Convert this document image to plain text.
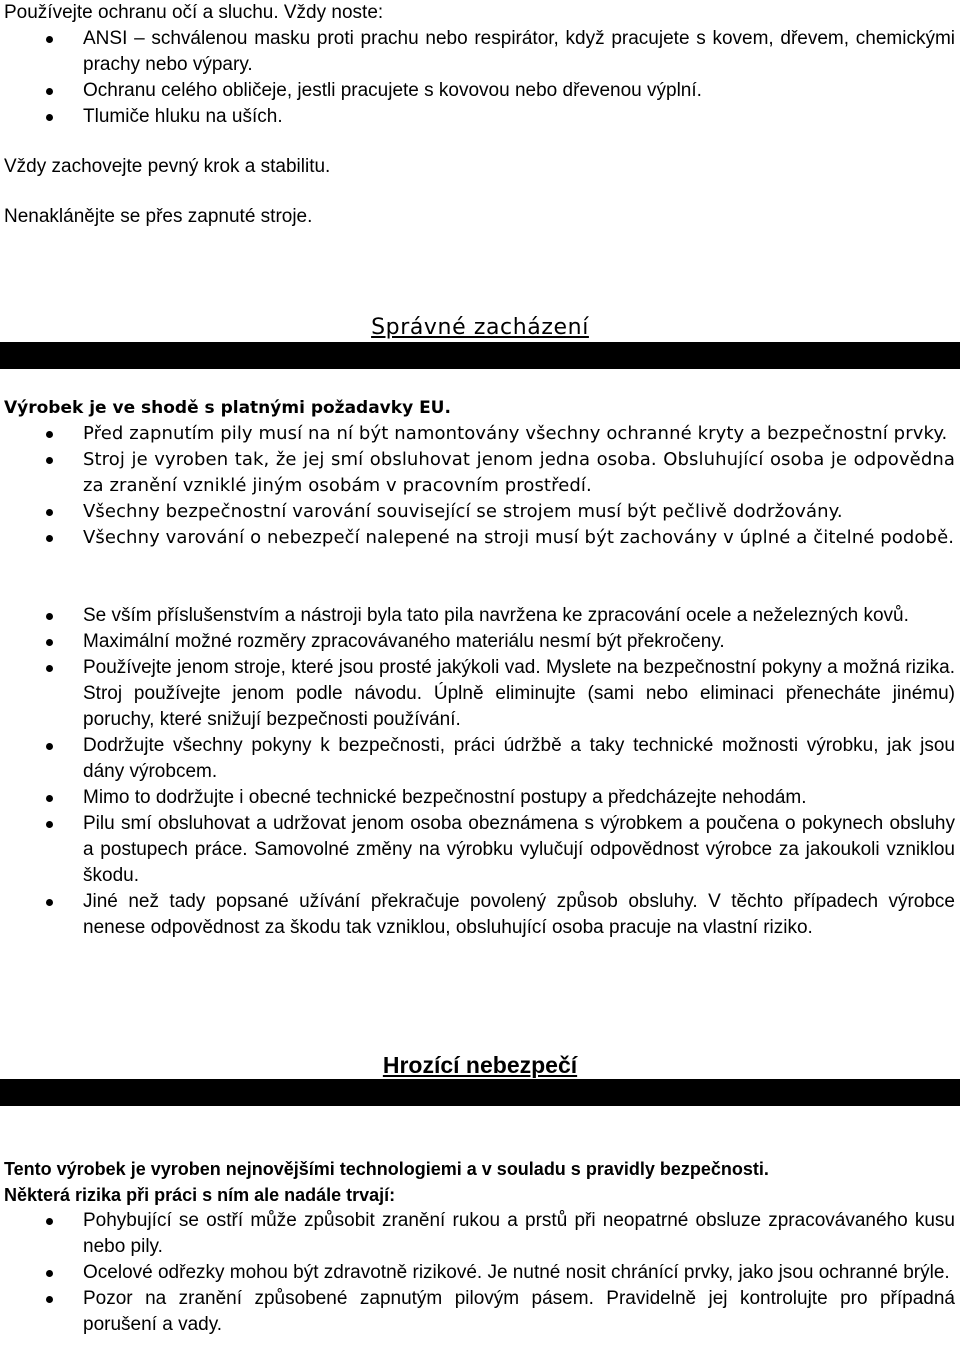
Používejte ochranu očí a sluchu. Vždy noste:

ANSI – schválenou masku proti prachu nebo respirátor, když pracujete s kovem, dřevem, chemickými prachy nebo výpary.
Ochranu celého obličeje, jestli pracujete s kovovou nebo dřevenou výplní.
Tlumiče hluku na uších.

Vždy zachovejte pevný krok a stabilitu.

Nenaklánějte se přes zapnuté stroje.

Správné zacházení

Výrobek je ve shodě s platnými požadavky EU.

Před zapnutím pily musí na ní být namontovány všechny ochranné kryty a bezpečnostní prvky.
Stroj je vyroben tak, že jej smí obsluhovat jenom jedna osoba. Obsluhující osoba je odpovědna za zranění vzniklé jiným osobám v pracovním prostředí.
Všechny bezpečnostní varování související se strojem musí být pečlivě dodržovány.
Všechny varování o nebezpečí nalepené na stroji musí být zachovány v úplné a čitelné podobě.
Se vším příslušenstvím a nástroji byla tato pila navržena ke zpracování ocele a neželezných kovů.
Maximální možné rozměry zpracovávaného materiálu nesmí být překročeny.
Používejte jenom stroje, které jsou prosté jakýkoli vad. Myslete na bezpečnostní pokyny a možná rizika. Stroj používejte jenom podle návodu. Úplně eliminujte (sami nebo eliminaci přenecháte jinému) poruchy, které snižují bezpečnosti používání.
Dodržujte všechny pokyny k bezpečnosti, práci údržbě a taky technické možnosti výrobku, jak jsou dány výrobcem.
Mimo to dodržujte i obecné technické bezpečnostní postupy a předcházejte nehodám.
Pilu smí obsluhovat a udržovat jenom osoba obeznámena s výrobkem a poučena o pokynech obsluhy a postupech práce. Samovolné změny na výrobku vylučují odpovědnost výrobce za jakoukoli vzniklou škodu.
Jiné než tady popsané užívání překračuje povolený způsob obsluhy. V těchto případech výrobce nenese odpovědnost za škodu tak vzniklou, obsluhující osoba pracuje na vlastní riziko.

Hrozící nebezpečí

Tento výrobek je vyroben nejnovějšími technologiemi a v souladu s pravidly bezpečnosti.

Některá rizika při práci s ním ale nadále trvají:

Pohybující se ostří může způsobit zranění rukou a prstů při neopatrné obsluze zpracovávaného kusu nebo pily.
Ocelové odřezky mohou být zdravotně rizikové. Je nutné nosit chránící prvky, jako jsou ochranné brýle.
Pozor na zranění způsobené zapnutým pilovým pásem. Pravidelně jej kontrolujte pro případná porušení a vady.
